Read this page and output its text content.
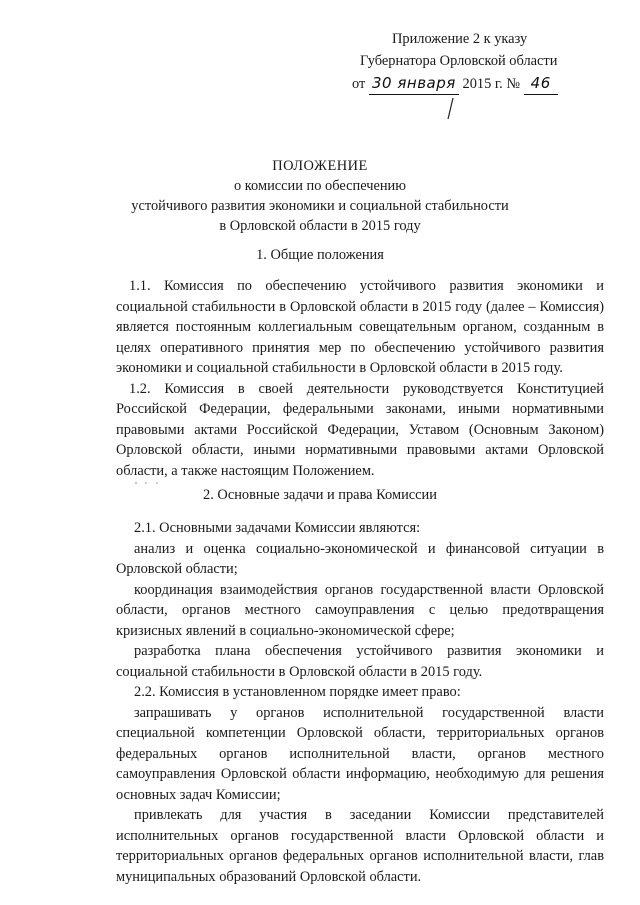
Приложение 2 к указу
Губернатора Орловской области
от 30 января 2015 г. № 46
ПОЛОЖЕНИЕ
о комиссии по обеспечению
устойчивого развития экономики и социальной стабильности
в Орловской области в 2015 году
1. Общие положения

1.1. Комиссия по обеспечению устойчивого развития экономики и социальной стабильности в Орловской области в 2015 году (далее – Комиссия) является постоянным коллегиальным совещательным органом, созданным в целях оперативного принятия мер по обеспечению устойчивого развития экономики и социальной стабильности в Орловской области в 2015 году.

1.2. Комиссия в своей деятельности руководствуется Конституцией Российской Федерации, федеральными законами, иными нормативными правовыми актами Российской Федерации, Уставом (Основным Законом) Орловской области, иными нормативными правовыми актами Орловской области, а также настоящим Положением.

2. Основные задачи и права Комиссии

2.1. Основными задачами Комиссии являются:

анализ и оценка социально-экономической и финансовой ситуации в Орловской области;

координация взаимодействия органов государственной власти Орловской области, органов местного самоуправления с целью предотвращения кризисных явлений в социально-экономической сфере;

разработка плана обеспечения устойчивого развития экономики и социальной стабильности в Орловской области в 2015 году.

2.2. Комиссия в установленном порядке имеет право:

запрашивать у органов исполнительной государственной власти специальной компетенции Орловской области, территориальных органов федеральных органов исполнительной власти, органов местного самоуправления Орловской области информацию, необходимую для решения основных задач Комиссии;

привлекать для участия в заседании Комиссии представителей исполнительных органов государственной власти Орловской области и территориальных органов федеральных органов исполнительной власти, глав муниципальных образований Орловской области.
